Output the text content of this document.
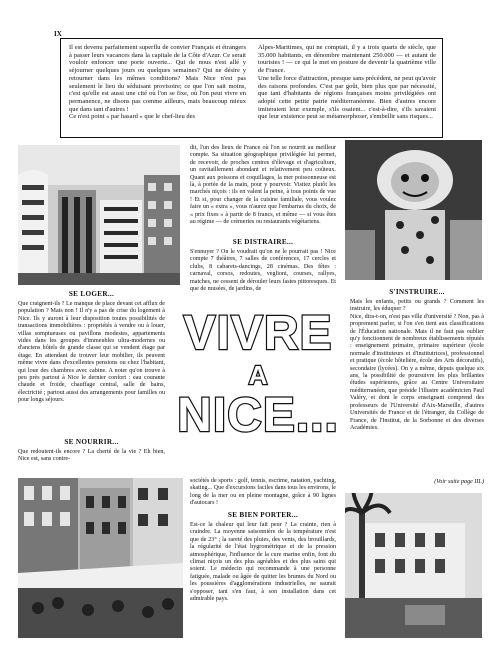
IX
Il est devenu parfaitement superflu de convier Français et étrangers à passer leurs vacances dans la capitale de la Côte d'Azur. Ce serait vouloir enfoncer une porte ouverte... Qui de nous n'est allé y séjourner quelques jours ou quelques semaines? Qui ne désire y retourner dans les mêmes conditions? Mais Nice n'est pas seulement le lieu du séduisant provisoire; ce que l'on sait moins, c'est qu'elle est aussi une cité où l'on se fixe, où l'on peut vivre en permanence, ne disons pas comme ailleurs, mais beaucoup mieux que dans tant d'autres !
Ce n'est point « par hasard » que le chef-lieu des
Alpes-Maritimes, qui ne comptait, il y a trois quarts de siècle, que 35.000 habitants, en dénombre maintenant 250.000 — et autant de touristes ! — ce qui le met en posture de devenir la quatrième ville de France.
Une telle force d'attraction, presque sans précédent, ne peut qu'avoir des raisons profondes. C'est par goût, bien plus que par nécessité, que tant d'habitants de régions françaises moins privilégiées ont adopté cette petite patrie méditerranéenne. Bien d'autres encore imiteraient leur exemple, s'ils osaient... c'est-à-dire, s'ils savaient que leur existence peut se métamorphoser, s'embellir sans risques...
dit, l'un des lieux de France où l'on se nourrit au meilleur compte. Sa situation géographique privilégiée lui permet, de recevoir, de proches centres d'élevage et d'agriculture, un ravitaillement abondant et relativement peu coûteux. Quant aux poissons et coquillages, la mer poissonneuse est là, à portée de la main, pour y pourvoir. Visitez plutôt les marchés niçois : ils en valent la peine, à tous points de vue ! Et si, pour changer de la cuisine familiale, vous voulez faire un « extra », vous n'aurez que l'embarras du choix, de « prix fixes » à partir de 8 francs, et même — si vous êtes au régime — de crèmeries ou restaurants végétariens.
SE DISTRAIRE...
S'ennuyer ? On le voudrait qu'on ne le pourrait pas ! Nice compte 7 théâtres, 7 salles de conférences, 17 cercles et clubs, 8 cabarets-dancings, 28 cinémas. Des fêtes : carnaval, corsos, redoutes, veglioni, courses, rallyes, matches, ne cessent de dérouler leurs fastes pittoresques. Et que de musées, de jardins, de
SE LOGER...
Que craignent-ils ? Le manque de place devant cet afflux de population ? Mais non ! Il n'y a pas de crise du logement à Nice. Ils y auront à leur disposition toutes possibilités de transactions immobilières : propriétés à vendre ou à louer, villas somptueuses ou pavillons modestes, appartements vides dans les groupes d'immeubles ultra-modernes ou d'anciens hôtels de grande classe qui se vendent étage par étage. En attendant de trouver leur mobilier, ils peuvent même vivre dans d'excellentes pensions ou chez l'habitant, qui loue des chambres avec cabine. A noter qu'on trouve à peu près partout à Nice le dernier confort : eau courante chaude et froide, chauffage central, salle de bains, électricité ; partout aussi des arrangements pour familles ou pour longs séjours.
SE NOURRIR...
Que redoutent-ils encore ? La cherté de la vie ? Eh bien, Nice est, sans contre-
VIVRE
A
NICE...
S'INSTRUIRE...
Mais les enfants, petits ou grands ? Comment les instruire, les éduquer ?
Nice, dira-t-on, n'est pas ville d'université ? Non, pas à proprement parler, si l'on s'en tient aux classifications de l'Éducation nationale. Mais il ne faut pas oublier qu'y fonctionnent de nombreux établissements réputés : enseignement primaire, primaire supérieur (école normale d'instituteurs et d'institutrices), professionnel et pratique (école hôtelière, école des Arts décoratifs), secondaire (lycées). On y a même, depuis quelque six ans, la possibilité de poursuivre les plus brillantes études supérieures, grâce au Centre Universitaire méditerranéen, que préside l'illustre académicien Paul Valéry, et dont le corps enseignant comprend des professeurs de l'Université d'Aix-Marseille, d'autres Universités de France et de l'étranger, du Collège de France, de l'Institut, de la Sorbonne et des diverses Académies.
(Voir suite page III.)
sociétés de sports : golf, tennis, escrime, natation, yachting, skating... Que d'excursions faciles dans tous les environs, le long de la mer ou en pleine montagne, grâce à 90 lignes d'autocars !
SE BIEN PORTER...
Est-ce la chaleur qui leur fait peur ? La crainte, rien à craindre. La moyenne saisonnière de la température n'est que de 23° ; la rareté des pluies, des vents, des brouillards, la régularité de l'état hygrométrique et de la pression atmosphérique, l'influence de la cure marine enfin, font du climat niçois un des plus agréables et des plus sains qui soient. Le médecin qui recommande à une personne fatiguée, malade ou âgée de quitter les brumes du Nord ou les poussières d'agglomérations industrielles, ne saurait s'opposer, tant s'en faut, à son installation dans cet admirable pays.
